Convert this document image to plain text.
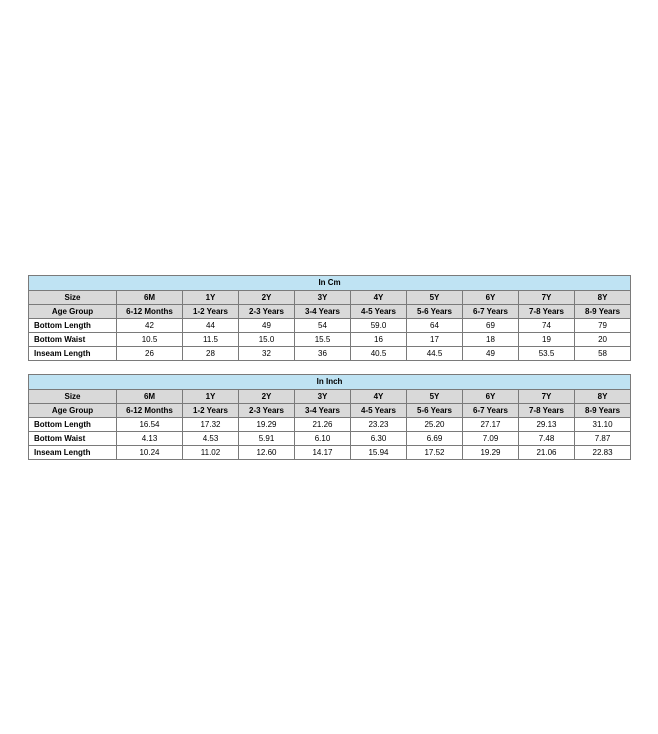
In Cm									
Size	6M	1Y	2Y	3Y	4Y	5Y	6Y	7Y	8Y
Age Group	6-12 Months	1-2 Years	2-3 Years	3-4 Years	4-5 Years	5-6 Years	6-7 Years	7-8 Years	8-9 Years
Bottom Length	42	44	49	54	59.0	64	69	74	79
Bottom Waist	10.5	11.5	15.0	15.5	16	17	18	19	20
Inseam Length	26	28	32	36	40.5	44.5	49	53.5	58
In Inch									
Size	6M	1Y	2Y	3Y	4Y	5Y	6Y	7Y	8Y
Age Group	6-12 Months	1-2 Years	2-3 Years	3-4 Years	4-5 Years	5-6 Years	6-7 Years	7-8 Years	8-9 Years
Bottom Length	16.54	17.32	19.29	21.26	23.23	25.20	27.17	29.13	31.10
Bottom Waist	4.13	4.53	5.91	6.10	6.30	6.69	7.09	7.48	7.87
Inseam Length	10.24	11.02	12.60	14.17	15.94	17.52	19.29	21.06	22.83
